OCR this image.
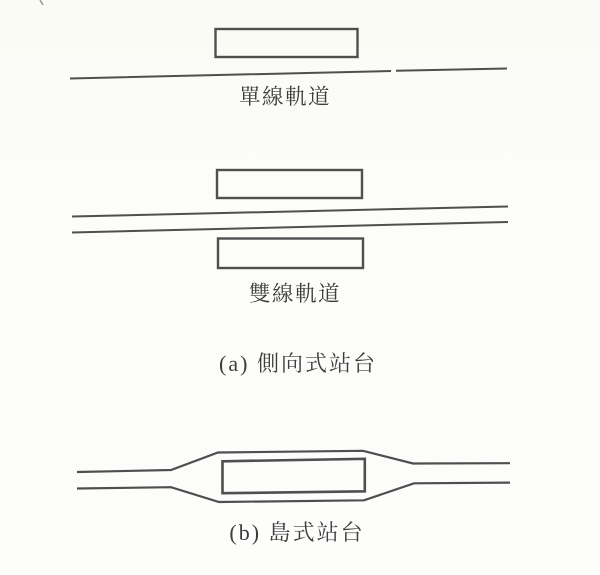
單線軌道
雙線軌道
(a) 側向式站台
(b) 島式站台
